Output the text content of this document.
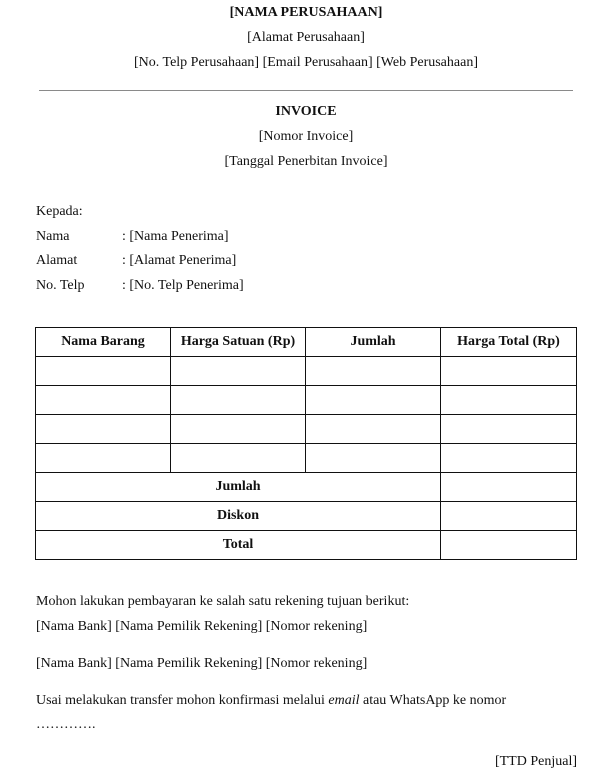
[NAMA PERUSAHAAN]
[Alamat Perusahaan]
[No. Telp Perusahaan] [Email Perusahaan] [Web Perusahaan]
INVOICE
[Nomor Invoice]
[Tanggal Penerbitan Invoice]
Kepada:
Nama	: [Nama Penerima]
Alamat	: [Alamat Penerima]
No. Telp	: [No. Telp Penerima]
Nama Barang	Harga Satuan (Rp)	Jumlah	Harga Total (Rp)

Jumlah			
Diskon			
Total			
Mohon lakukan pembayaran ke salah satu rekening tujuan berikut:
[Nama Bank] [Nama Pemilik Rekening] [Nomor rekening]
[Nama Bank] [Nama Pemilik Rekening] [Nomor rekening]
Usai melakukan transfer mohon konfirmasi melalui email atau WhatsApp ke nomor
………….
[TTD Penjual]
